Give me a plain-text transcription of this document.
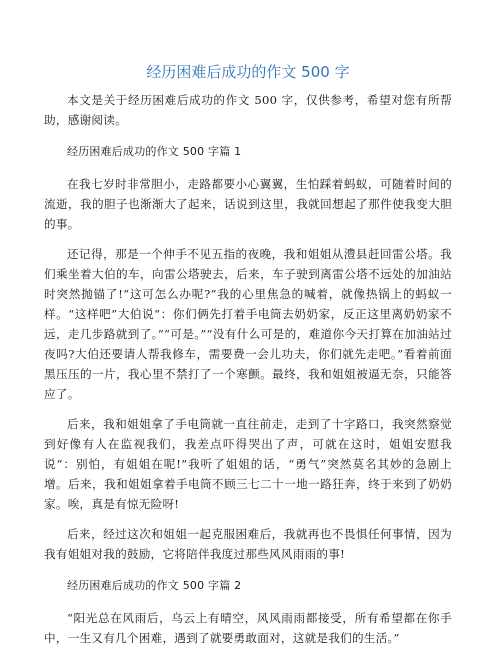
经历困难后成功的作文 500 字

本文是关于经历困难后成功的作文 500 字，仅供参考，希望对您有所帮助，感谢阅读。

经历困难后成功的作文 500 字篇 1

在我七岁时非常胆小，走路都要小心翼翼，生怕踩着蚂蚁，可随着时间的流逝，我的胆子也渐渐大了起来，话说到这里，我就回想起了那件使我变大胆的事。

还记得，那是一个伸手不见五指的夜晚，我和姐姐从澧县赶回雷公塔。我们乘坐着大伯的车，向雷公塔驶去，后来，车子驶到离雷公塔不远处的加油站时突然抛锚了!“这可怎么办呢?”我的心里焦急的喊着，就像热锅上的蚂蚁一样。“这样吧”大伯说“：你们俩先打着手电筒去奶奶家，反正这里离奶奶家不远，走几步路就到了。”“可是。”“没有什么可是的，难道你今天打算在加油站过夜吗?大伯还要请人帮我修车，需要费一会儿功夫，你们就先走吧。”看着前面黑压压的一片，我心里不禁打了一个寒颤。最终，我和姐姐被逼无奈，只能答应了。

后来，我和姐姐拿了手电筒就一直往前走，走到了十字路口，我突然察觉到好像有人在监视我们，我差点吓得哭出了声，可就在这时，姐姐安慰我说“：别怕，有姐姐在呢!”我听了姐姐的话，“勇气”突然莫名其妙的急剧上增。后来，我和姐姐拿着手电筒不顾三七二十一地一路狂奔，终于来到了奶奶家。唉，真是有惊无险呀!

后来，经过这次和姐姐一起克服困难后，我就再也不畏惧任何事情，因为我有姐姐对我的鼓励，它将陪伴我度过那些风风雨雨的事!

经历困难后成功的作文 500 字篇 2

“阳光总在风雨后，乌云上有晴空，风风雨雨都接受，所有希望都在你手中，一生又有几个困难，遇到了就要勇敢面对，这就是我们的生活。”
